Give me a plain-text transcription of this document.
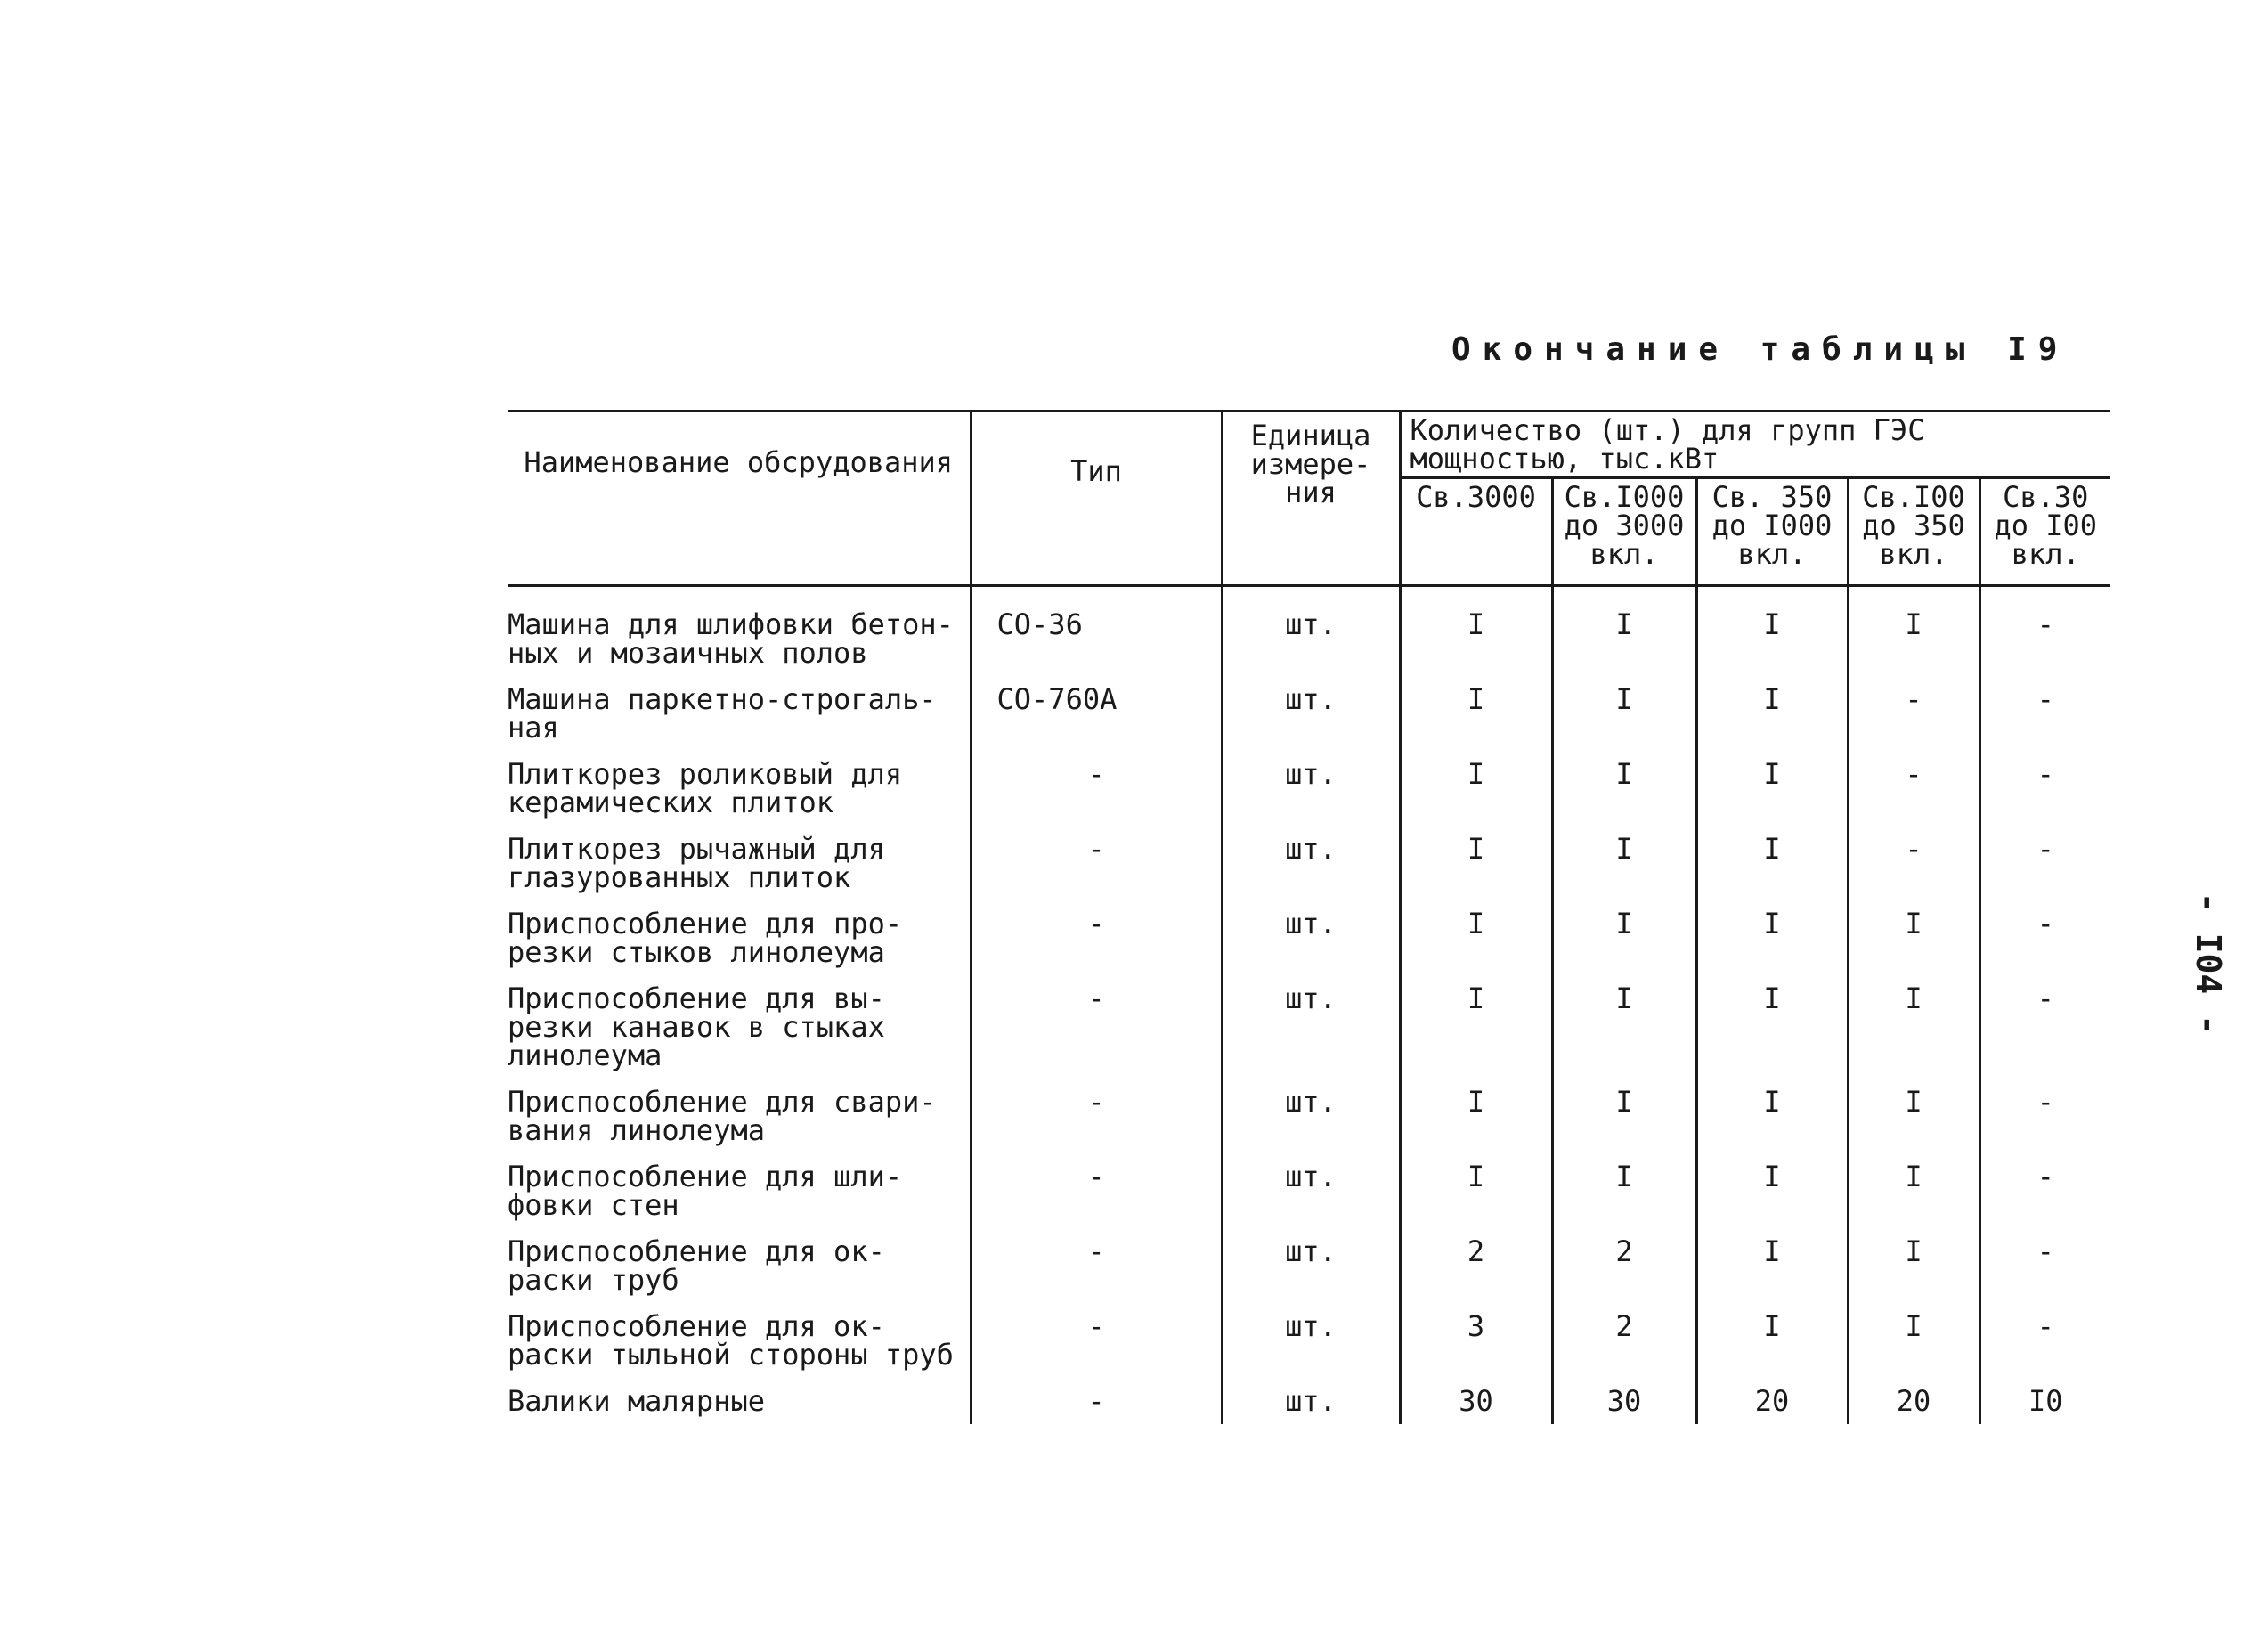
Окончание таблицы I9
Наименование обсрудования	Тип	Единица измере- ния	Количество (шт.) для групп ГЭС мощностью, тыс.кВт				
			Св.3000	Св.I000 до 3000 вкл.	Св. 350 до I000 вкл.	Св.I00 до 350 вкл.	Св.30 до I00 вкл.
Машина для шлифовки бетон- ных и мозаичных полов	СО-36	шт.	I	I	I	I	-
Машина паркетно-строгаль- ная	СО-760А	шт.	I	I	I	-	-
Плиткорез роликовый для керамических плиток	-	шт.	I	I	I	-	-
Плиткорез рычажный для глазурованных плиток	-	шт.	I	I	I	-	-
Приспособление для про- резки стыков линолеума	-	шт.	I	I	I	I	-
Приспособление для вы- резки канавок в стыках линолеума	-	шт.	I	I	I	I	-
Приспособление для свари- вания линолеума	-	шт.	I	I	I	I	-
Приспособление для шли- фовки стен	-	шт.	I	I	I	I	-
Приспособление для ок- раски труб	-	шт.	2	2	I	I	-
Приспособление для ок- раски тыльной стороны труб	-	шт.	3	2	I	I	-
Валики малярные	-	шт.	30	30	20	20	I0
- I04 -
